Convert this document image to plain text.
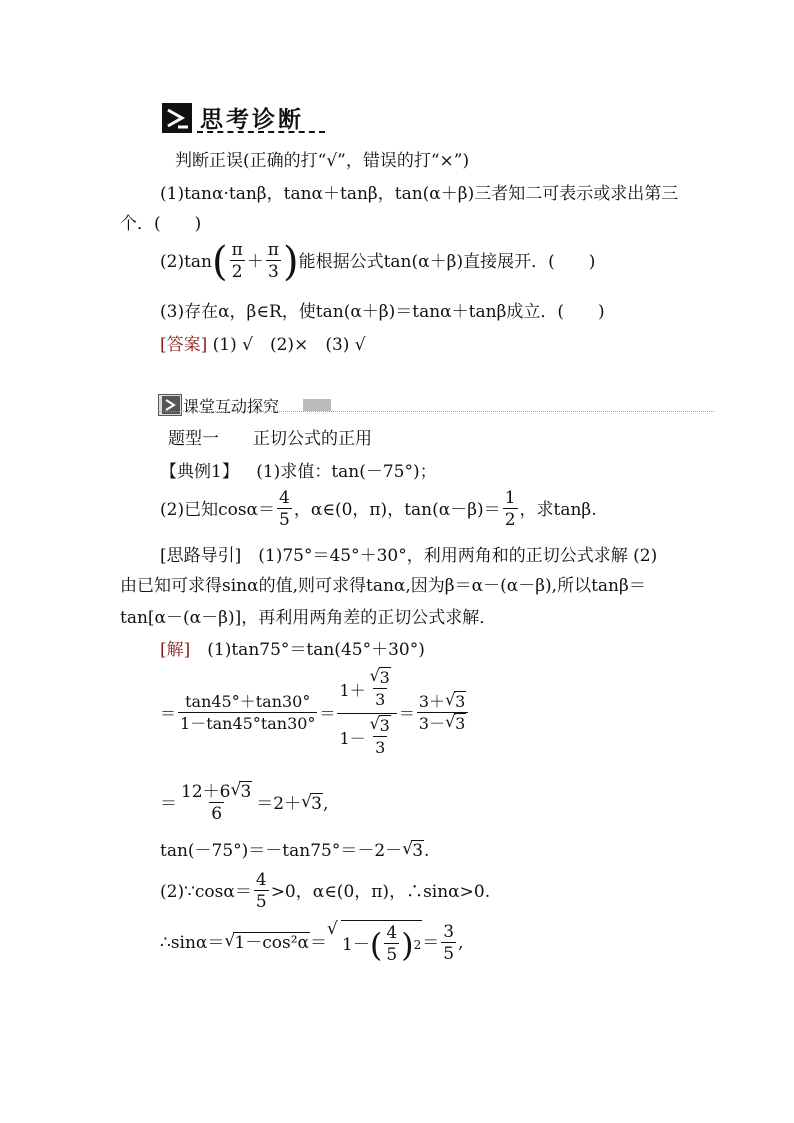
思考诊断
判断正误(正确的打“√”，错误的打“×”)
(1)tanα·tanβ，tanα＋tanβ，tan(α＋β)三者知二可表示或求出第三
个．(　　)
(2)tan ( $\frac{\pi}{2} + \frac{\pi}{3}$ ) 能根据公式tan(α＋β)直接展开．(　　)
(3)存在α，β∈R，使tan(α＋β)＝tanα＋tanβ成立．(　　)
[答案] (1) √　(2)×　(3) √
课堂互动探究
题型一　　正切公式的正用
【典例1】 (1)求值：tan(－75°)；
(2)已知$\cos\alpha= \frac{4}{5}$ ，α∈(0，π)，$\tan(\alpha-\beta)= \frac{1}{2}$ ，求tanβ.
[思路导引]　(1)75°＝45°＋30°，利用两角和的正切公式求解 (2)
由已知可求得sinα的值,则可求得tanα,因为β＝α－(α－β),所以tanβ＝
tan[α－(α－β)]，再利用两角差的正切公式求解．
[解]　(1)tan75°＝tan(45°＋30°)
＝ $\frac{\tan 45^\circ+\tan 30^\circ}{1-\tan 45^\circ\tan 30^\circ} = 1+$
√ $\frac{3}{3}$
1－
√ $\frac{3}{3} = \frac{3+√ 3}{3-√ 3}$
＝ $\frac{12+6√ 3}{6} =2+$
√ 3 ,
tan(－75°)＝－tan75°＝－2－√ 3.
(2)∵cosα＝ $\frac{4}{5} >0$，α∈(0，π)，∴sinα>0.
∴sinα＝
√ 1－cos²α ＝
√ 1－ ( $\frac{4}{5}$ ) $2 = \frac{3}{5}$ ,
